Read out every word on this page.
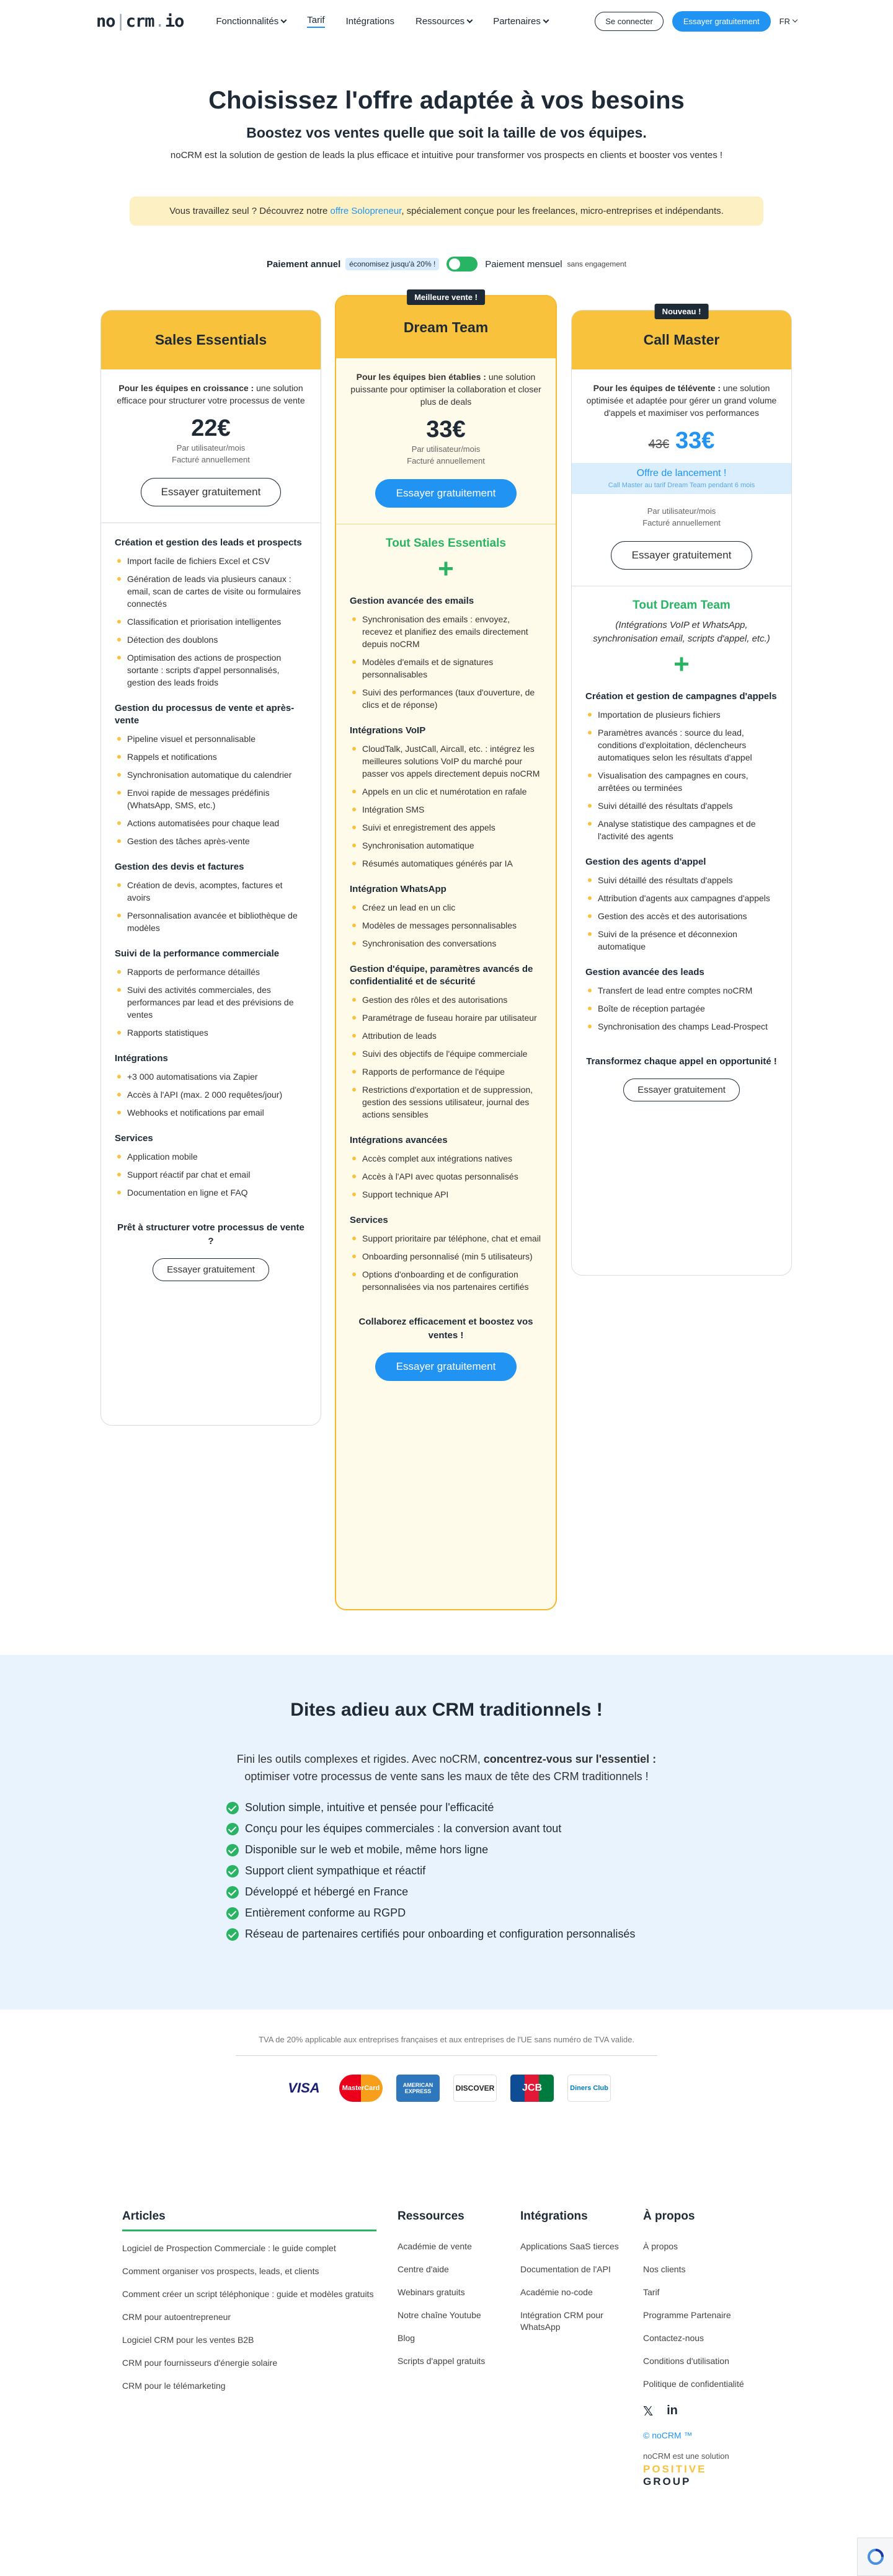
no|crm.io	Fonctionnalités	Tarif Intégrations Ressources	Partenaires	Se connecter	Essayer gratuitement	FR
Choisissez l'offre adaptée à vos besoins
Boostez vos ventes quelle que soit la taille de vos équipes.

noCRM est la solution de gestion de leads la plus efficace et intuitive pour transformer vos prospects en clients et booster vos ventes !

Vous travaillez seul ? Découvrez notre offre Solopreneur, spécialement conçue pour les freelances, micro-entreprises et indépendants.
Paiement annuel	économisez jusqu'à 20% !	Paiement mensuel sans engagement
Sales Essentials
Pour les équipes en croissance : une solution efficace pour structurer votre processus de vente
22€
Par utilisateur/mois
Facturé annuellement
Essayer gratuitement
Création et gestion des leads et prospects
Import facile de fichiers Excel et CSV
Génération de leads via plusieurs canaux : email, scan de cartes de visite ou formulaires connectés
Classification et priorisation intelligentes
Détection des doublons
Optimisation des actions de prospection sortante : scripts d'appel personnalisés, gestion des leads froids
Gestion du processus de vente et après-vente
Pipeline visuel et personnalisable
Rappels et notifications
Synchronisation automatique du calendrier
Envoi rapide de messages prédéfinis (WhatsApp, SMS, etc.)
Actions automatisées pour chaque lead
Gestion des tâches après-vente
Gestion des devis et factures
Création de devis, acomptes, factures et avoirs
Personnalisation avancée et bibliothèque de modèles
Suivi de la performance commerciale
Rapports de performance détaillés
Suivi des activités commerciales, des performances par lead et des prévisions de ventes
Rapports statistiques
Intégrations
+3 000 automatisations via Zapier
Accès à l'API (max. 2 000 requêtes/jour)
Webhooks et notifications par email
Services
Application mobile
Support réactif par chat et email
Documentation en ligne et FAQ
Prêt à structurer votre processus de vente ?
Essayer gratuitement
Meilleure vente !
Dream Team
Pour les équipes bien établies : une solution puissante pour optimiser la collaboration et closer plus de deals
33€
Par utilisateur/mois
Facturé annuellement
Essayer gratuitement
Tout Sales Essentials
+
Gestion avancée des emails
Synchronisation des emails : envoyez, recevez et planifiez des emails directement depuis noCRM
Modèles d'emails et de signatures personnalisables
Suivi des performances (taux d'ouverture, de clics et de réponse)
Intégrations VoIP
CloudTalk, JustCall, Aircall, etc. : intégrez les meilleures solutions VoIP du marché pour passer vos appels directement depuis noCRM
Appels en un clic et numérotation en rafale
Intégration SMS
Suivi et enregistrement des appels
Synchronisation automatique
Résumés automatiques générés par IA
Intégration WhatsApp
Créez un lead en un clic
Modèles de messages personnalisables
Synchronisation des conversations
Gestion d'équipe, paramètres avancés de confidentialité et de sécurité
Gestion des rôles et des autorisations
Paramétrage de fuseau horaire par utilisateur
Attribution de leads
Suivi des objectifs de l'équipe commerciale
Rapports de performance de l'équipe
Restrictions d'exportation et de suppression, gestion des sessions utilisateur, journal des actions sensibles
Intégrations avancées
Accès complet aux intégrations natives
Accès à l'API avec quotas personnalisés
Support technique API
Services
Support prioritaire par téléphone, chat et email
Onboarding personnalisé (min 5 utilisateurs)
Options d'onboarding et de configuration personnalisées via nos partenaires certifiés
Collaborez efficacement et boostez vos ventes !
Essayer gratuitement
Nouveau !
Call Master
Pour les équipes de télévente : une solution optimisée et adaptée pour gérer un grand volume d'appels et maximiser vos performances
43€ 33€
Offre de lancement !
Call Master au tarif Dream Team pendant 6 mois
Par utilisateur/mois
Facturé annuellement
Essayer gratuitement
Tout Dream Team
(Intégrations VoIP et WhatsApp, synchronisation email, scripts d'appel, etc.)
+
Création et gestion de campagnes d'appels
Importation de plusieurs fichiers
Paramètres avancés : source du lead, conditions d'exploitation, déclencheurs automatiques selon les résultats d'appel
Visualisation des campagnes en cours, arrêtées ou terminées
Suivi détaillé des résultats d'appels
Analyse statistique des campagnes et de l'activité des agents
Gestion des agents d'appel
Suivi détaillé des résultats d'appels
Attribution d'agents aux campagnes d'appels
Gestion des accès et des autorisations
Suivi de la présence et déconnexion automatique
Gestion avancée des leads
Transfert de lead entre comptes noCRM
Boîte de réception partagée
Synchronisation des champs Lead-Prospect
Transformez chaque appel en opportunité !
Essayer gratuitement
Dites adieu aux CRM traditionnels !
Fini les outils complexes et rigides. Avec noCRM, concentrez-vous sur l'essentiel : optimiser votre processus de vente sans les maux de tête des CRM traditionnels !
Solution simple, intuitive et pensée pour l'efficacité
Conçu pour les équipes commerciales : la conversion avant tout
Disponible sur le web et mobile, même hors ligne
Support client sympathique et réactif
Développé et hébergé en France
Entièrement conforme au RGPD
Réseau de partenaires certifiés pour onboarding et configuration personnalisés
TVA de 20% applicable aux entreprises françaises et aux entreprises de l'UE sans numéro de TVA valide.
VISA	MasterCard	AMERICAN EXPRESS	DISCOVER	JCB	Diners Club
Articles
Logiciel de Prospection Commerciale : le guide complet
Comment organiser vos prospects, leads, et clients
Comment créer un script téléphonique : guide et modèles gratuits
CRM pour autoentrepreneur
Logiciel CRM pour les ventes B2B
CRM pour fournisseurs d'énergie solaire
CRM pour le télémarketing
Ressources
Académie de vente
Centre d'aide
Webinars gratuits
Notre chaîne Youtube
Blog
Scripts d'appel gratuits
Intégrations
Applications SaaS tierces
Documentation de l'API
Académie no-code
Intégration CRM pour WhatsApp
À propos
À propos
Nos clients
Tarif
Programme Partenaire
Contactez-nous
Conditions d'utilisation
Politique de confidentialité
𝕏 in
© noCRM ™
noCRM est une solution
POSITIVE GROUP
